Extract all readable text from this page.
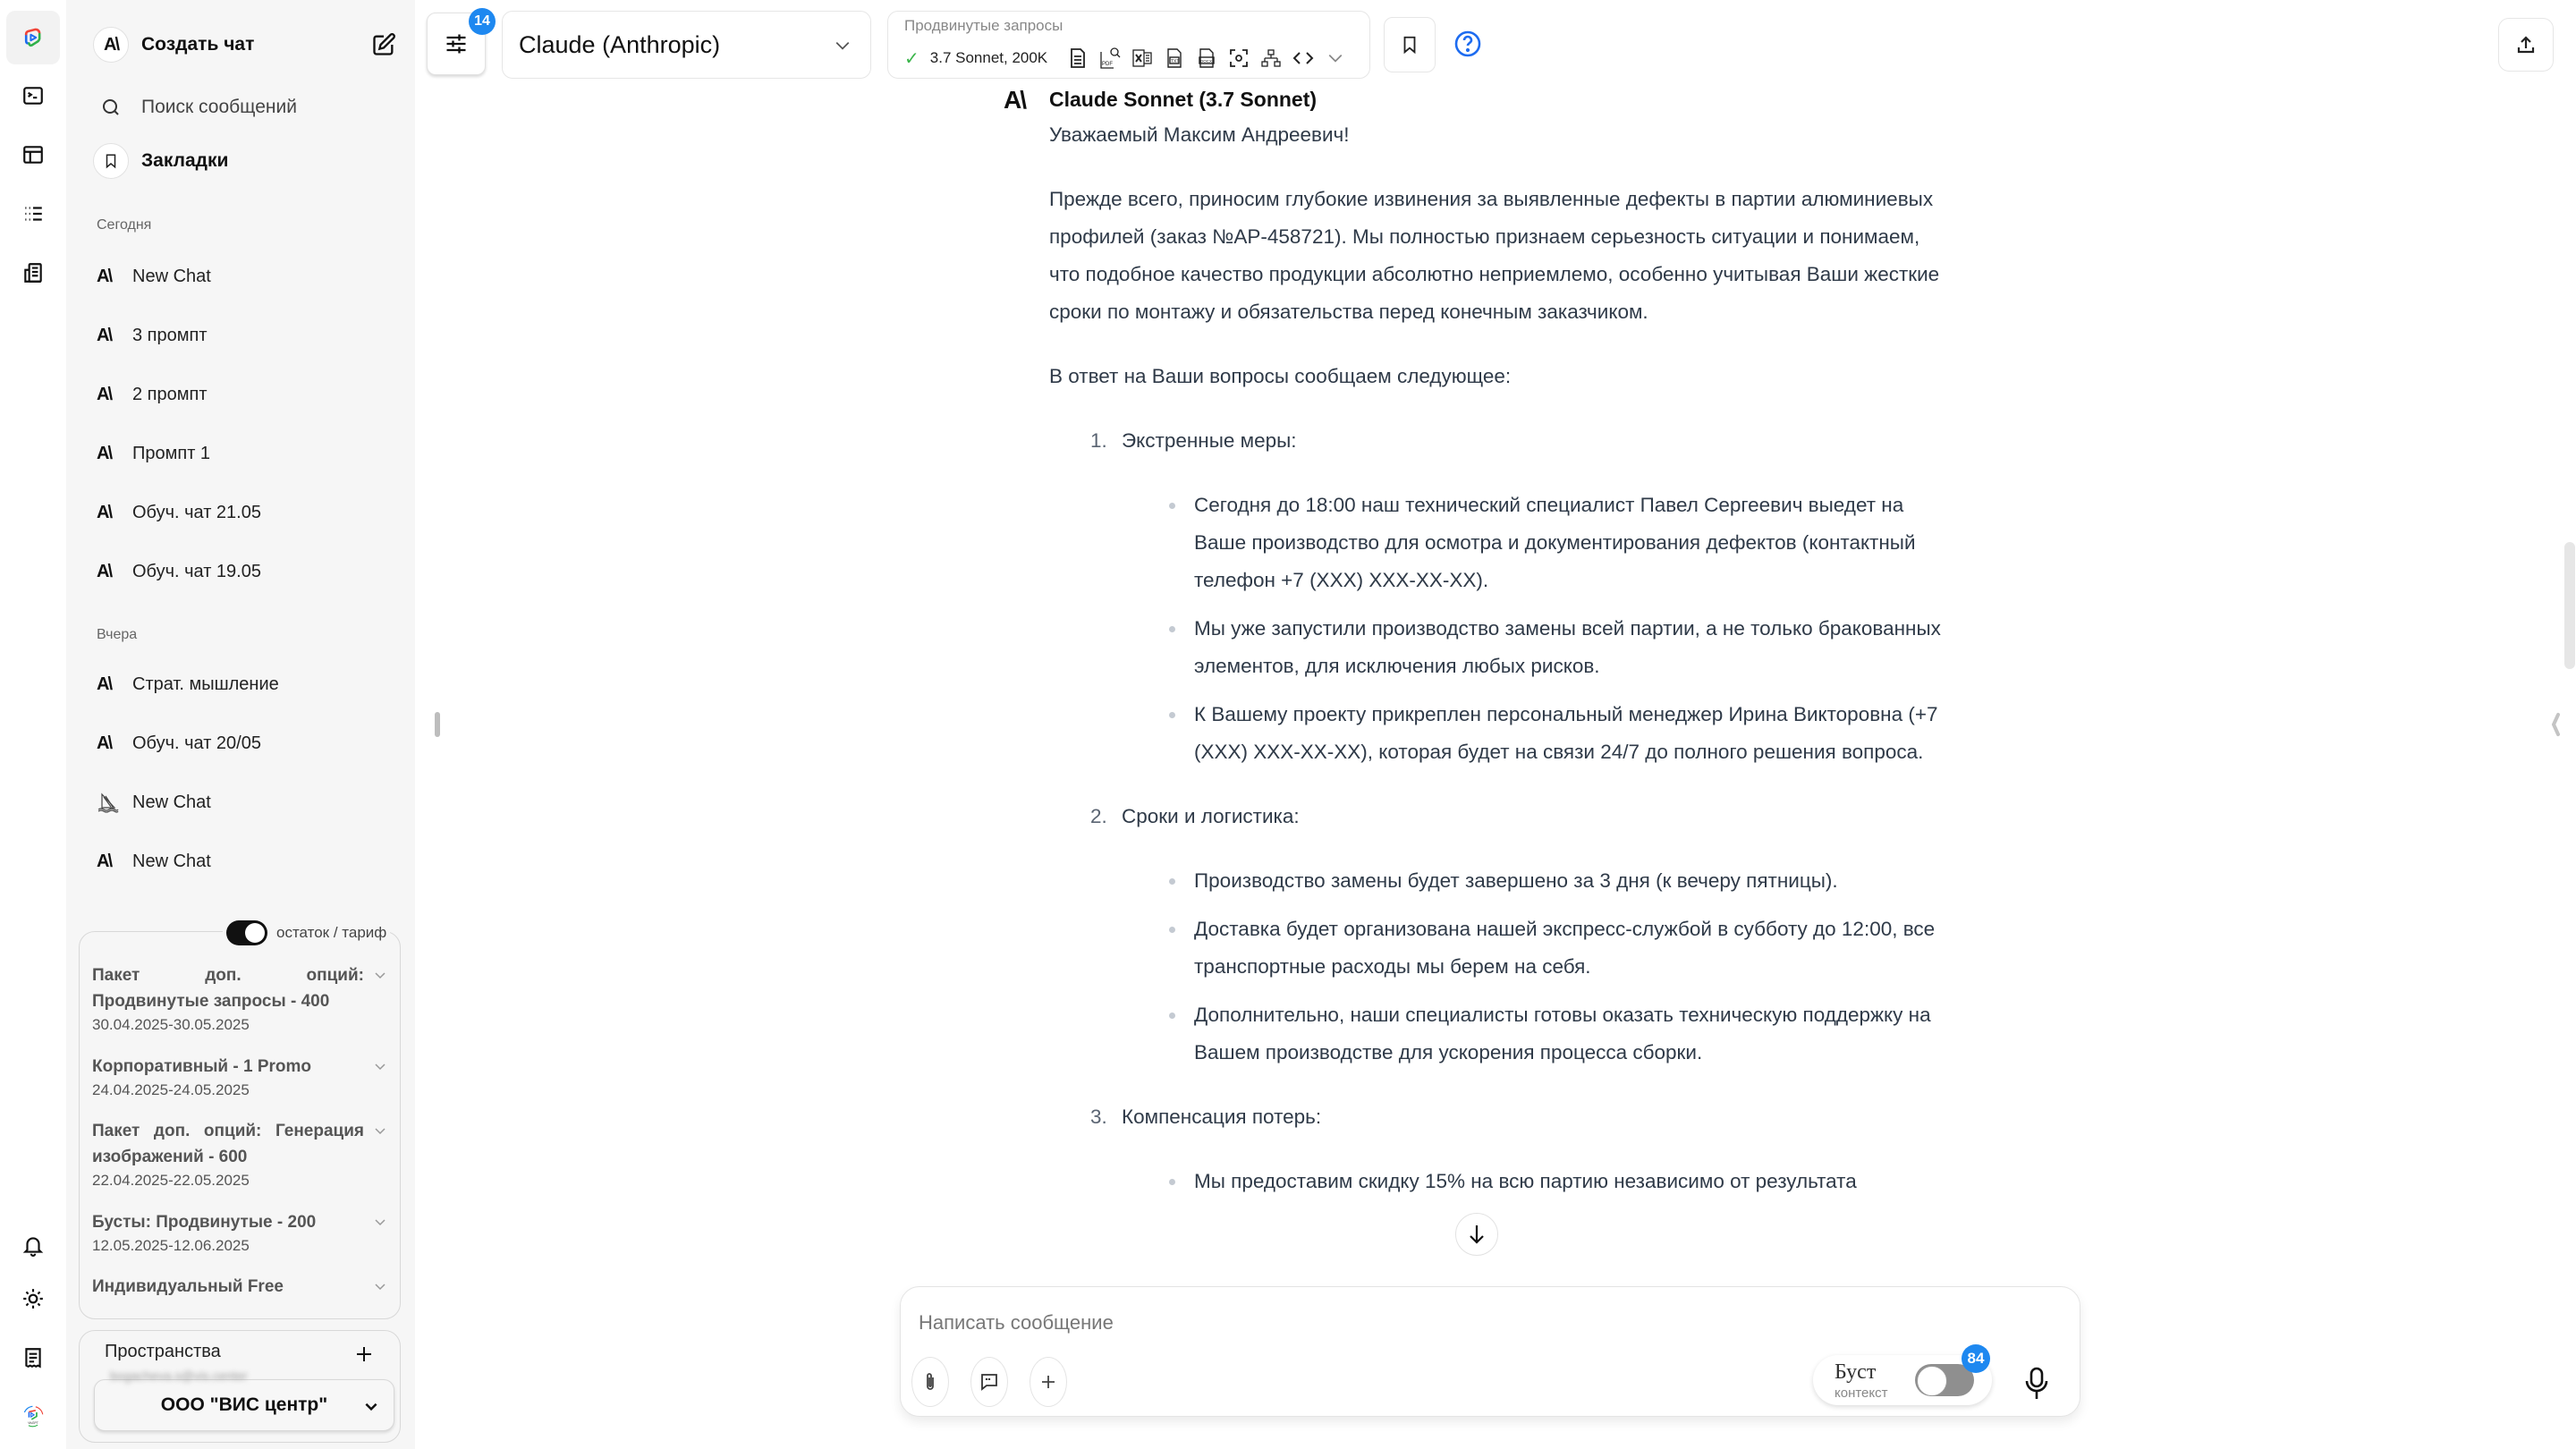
VisGPT
A\ Создать чат
Поиск сообщений
Закладки
Сегодня
A\	New Chat
A\	3 промпт
A\	2 промпт
A\	Промпт 1
A\	Обуч. чат 21.05
A\	Обуч. чат 19.05
Вчера
A\	Страт. мышление
A\	Обуч. чат 20/05
New Chat
A\	New Chat
остаток / тариф
Пакет доп. опций: Продвинутые запросы - 400
30.04.2025-30.05.2025
Корпоративный - 1 Promo
24.04.2025-24.05.2025
Пакет доп. опций: Генерация изображений - 600
22.04.2025-22.05.2025
Бусты: Продвинутые - 200
12.05.2025-12.06.2025
Индивидуальный Free
Пространства
ООО "ВИС центр"
bogacheva.s@vis.center
14
Claude (Anthropic)
Продвинутые запросы
✓ 3.7 Sonnet, 200K	PDF	TXT	DOCX
A\ Claude Sonnet (3.7 Sonnet)

Уважаемый Максим Андреевич!

Прежде всего, приносим глубокие извинения за выявленные дефекты в партии алюминиевых профилей (заказ №AP-458721). Мы полностью признаем серьезность ситуации и понимаем, что подобное качество продукции абсолютно неприемлемо, особенно учитывая Ваши жесткие сроки по монтажу и обязательства перед конечным заказчиком.

В ответ на Ваши вопросы сообщаем следующее:

1. Экстренные меры:
Сегодня до 18:00 наш технический специалист Павел Сергеевич выедет на Ваше производство для осмотра и документирования дефектов (контактный телефон +7 (XXX) XXX-XX-XX).
Мы уже запустили производство замены всей партии, а не только бракованных элементов, для исключения любых рисков.
К Вашему проекту прикреплен персональный менеджер Ирина Викторовна (+7 (XXX) XXX-XX-XX), которая будет на связи 24/7 до полного решения вопроса.
2. Сроки и логистика:
Производство замены будет завершено за 3 дня (к вечеру пятницы).
Доставка будет организована нашей экспресс-службой в субботу до 12:00, все транспортные расходы мы берем на себя.
Дополнительно, наши специалисты готовы оказать техническую поддержку на Вашем производстве для ускорения процесса сборки.
3. Компенсация потерь:
Мы предоставим скидку 15% на всю партию независимо от результата
Написать сообщение
Буст
контекст
84
